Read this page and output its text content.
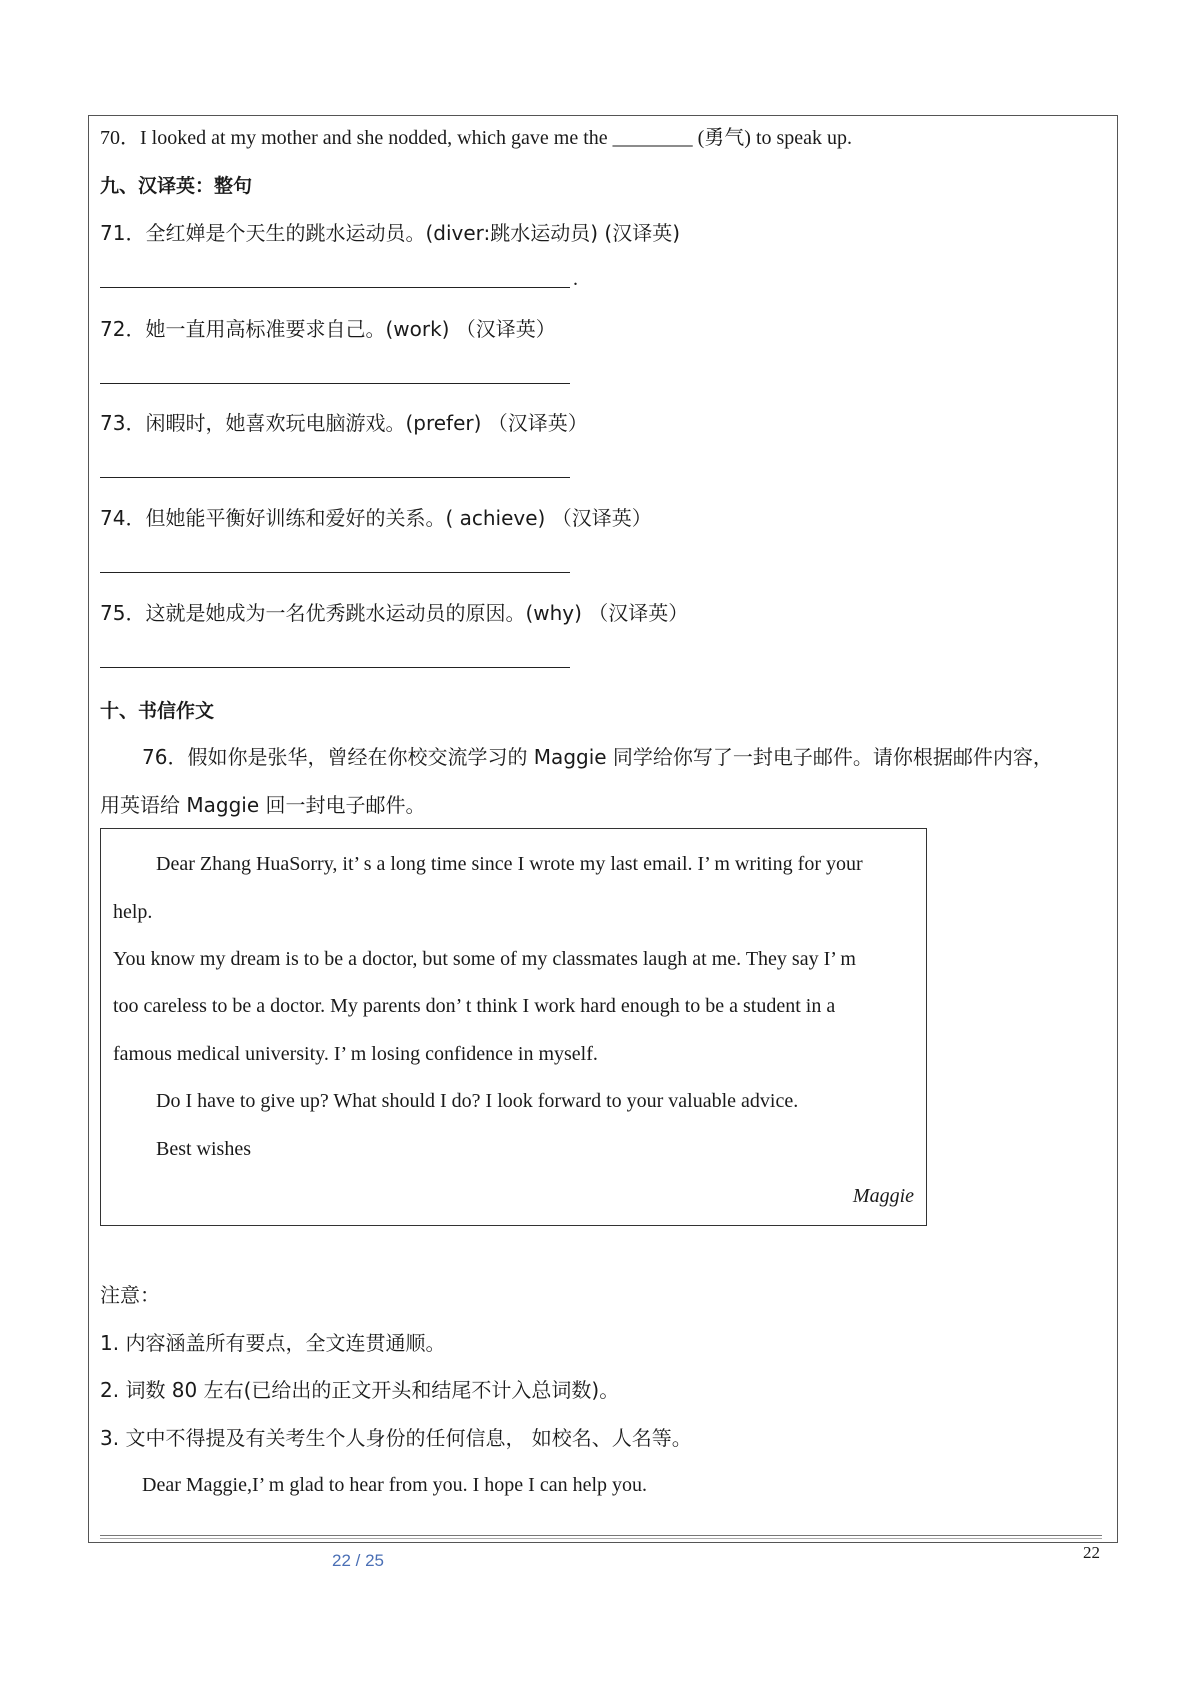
70．I looked at my mother and she nodded, which gave me the ________ (勇气) to speak up.
九、汉译英：整句
71．全红婵是个天生的跳水运动员。(diver:跳水运动员) (汉译英)
.
72．她一直用高标准要求自己。(work) （汉译英）
73．闲暇时，她喜欢玩电脑游戏。(prefer) （汉译英）
74．但她能平衡好训练和爱好的关系。( achieve) （汉译英）
75．这就是她成为一名优秀跳水运动员的原因。(why) （汉译英）
十、书信作文
76．假如你是张华，曾经在你校交流学习的 Maggie 同学给你写了一封电子邮件。请你根据邮件内容，
用英语给 Maggie 回一封电子邮件。
Dear Zhang HuaSorry, it’ s a long time since I wrote my last email. I’ m writing for your
help.
You know my dream is to be a doctor, but some of my classmates laugh at me. They say I’ m
too careless to be a doctor. My parents don’ t think I work hard enough to be a student in a
famous medical university. I’ m losing confidence in myself.
Do I have to give up? What should I do? I look forward to your valuable advice.
Best wishes
Maggie
注意：
1. 内容涵盖所有要点，全文连贯通顺。
2. 词数 80 左右(已给出的正文开头和结尾不计入总词数)。
3. 文中不得提及有关考生个人身份的任何信息， 如校名、人名等。
Dear Maggie,I’ m glad to hear from you. I hope I can help you.
22 / 25	22
